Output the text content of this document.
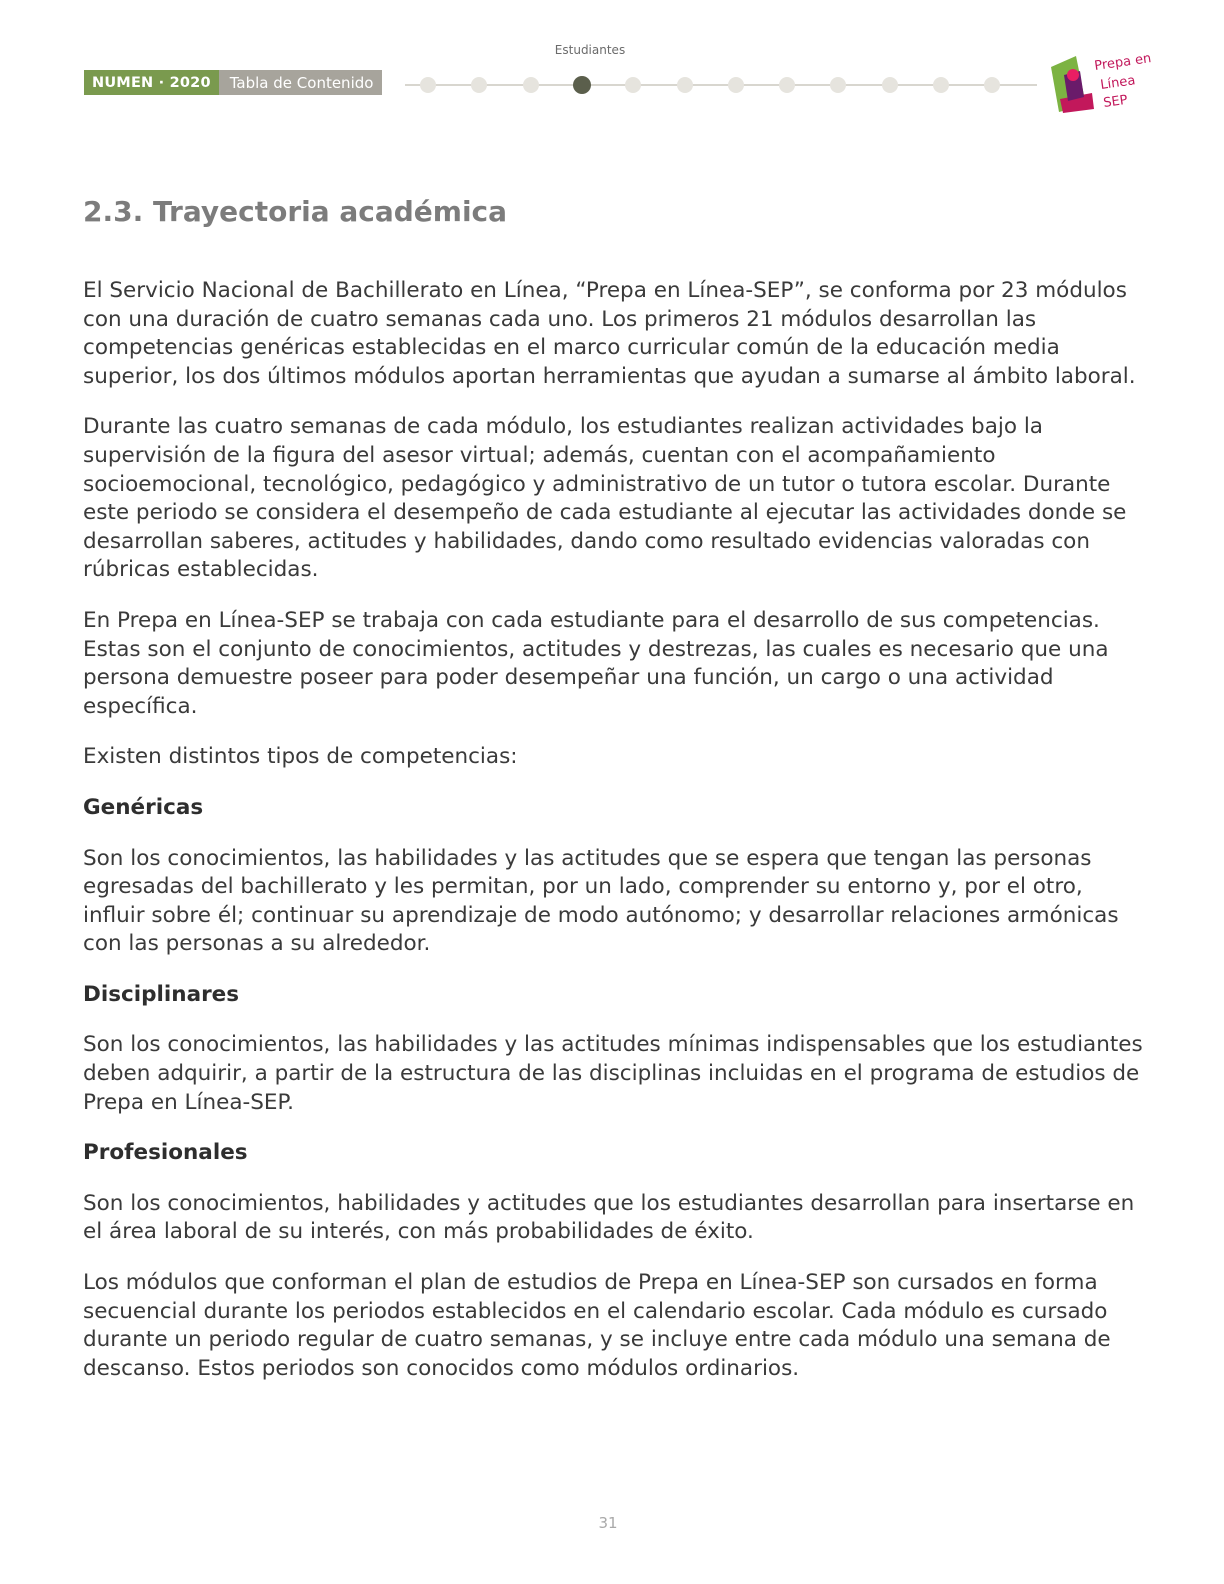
Estudiantes
NUMEN · 2020	Tabla de Contenido
Prepa en
Línea
SEP
2.3. Trayectoria académica

El Servicio Nacional de Bachillerato en Línea, “Prepa en Línea-SEP”, se conforma por 23 módulos con una duración de cuatro semanas cada uno. Los primeros 21 módulos desarrollan las competencias genéricas establecidas en el marco curricular común de la educación media superior, los dos últimos módulos aportan herramientas que ayudan a sumarse al ámbito laboral.

Durante las cuatro semanas de cada módulo, los estudiantes realizan actividades bajo la supervisión de la figura del asesor virtual; además, cuentan con el acompañamiento socioemocional, tecnológico, pedagógico y administrativo de un tutor o tutora escolar. Durante este periodo se considera el desempeño de cada estudiante al ejecutar las actividades donde se desarrollan saberes, actitudes y habilidades, dando como resultado evidencias valoradas con rúbricas establecidas.

En Prepa en Línea-SEP se trabaja con cada estudiante para el desarrollo de sus competencias. Estas son el conjunto de conocimientos, actitudes y destrezas, las cuales es necesario que una persona demuestre poseer para poder desempeñar una función, un cargo o una actividad específica.

Existen distintos tipos de competencias:

Genéricas

Son los conocimientos, las habilidades y las actitudes que se espera que tengan las personas egresadas del bachillerato y les permitan, por un lado, comprender su entorno y, por el otro, influir sobre él; continuar su aprendizaje de modo autónomo; y desarrollar relaciones armónicas con las personas a su alrededor.

Disciplinares

Son los conocimientos, las habilidades y las actitudes mínimas indispensables que los estudiantes deben adquirir, a partir de la estructura de las disciplinas incluidas en el programa de estudios de Prepa en Línea-SEP.

Profesionales

Son los conocimientos, habilidades y actitudes que los estudiantes desarrollan para insertarse en el área laboral de su interés, con más probabilidades de éxito.

Los módulos que conforman el plan de estudios de Prepa en Línea-SEP son cursados en forma secuencial durante los periodos establecidos en el calendario escolar. Cada módulo es cursado durante un periodo regular de cuatro semanas, y se incluye entre cada módulo una semana de descanso. Estos periodos son conocidos como módulos ordinarios.

31
